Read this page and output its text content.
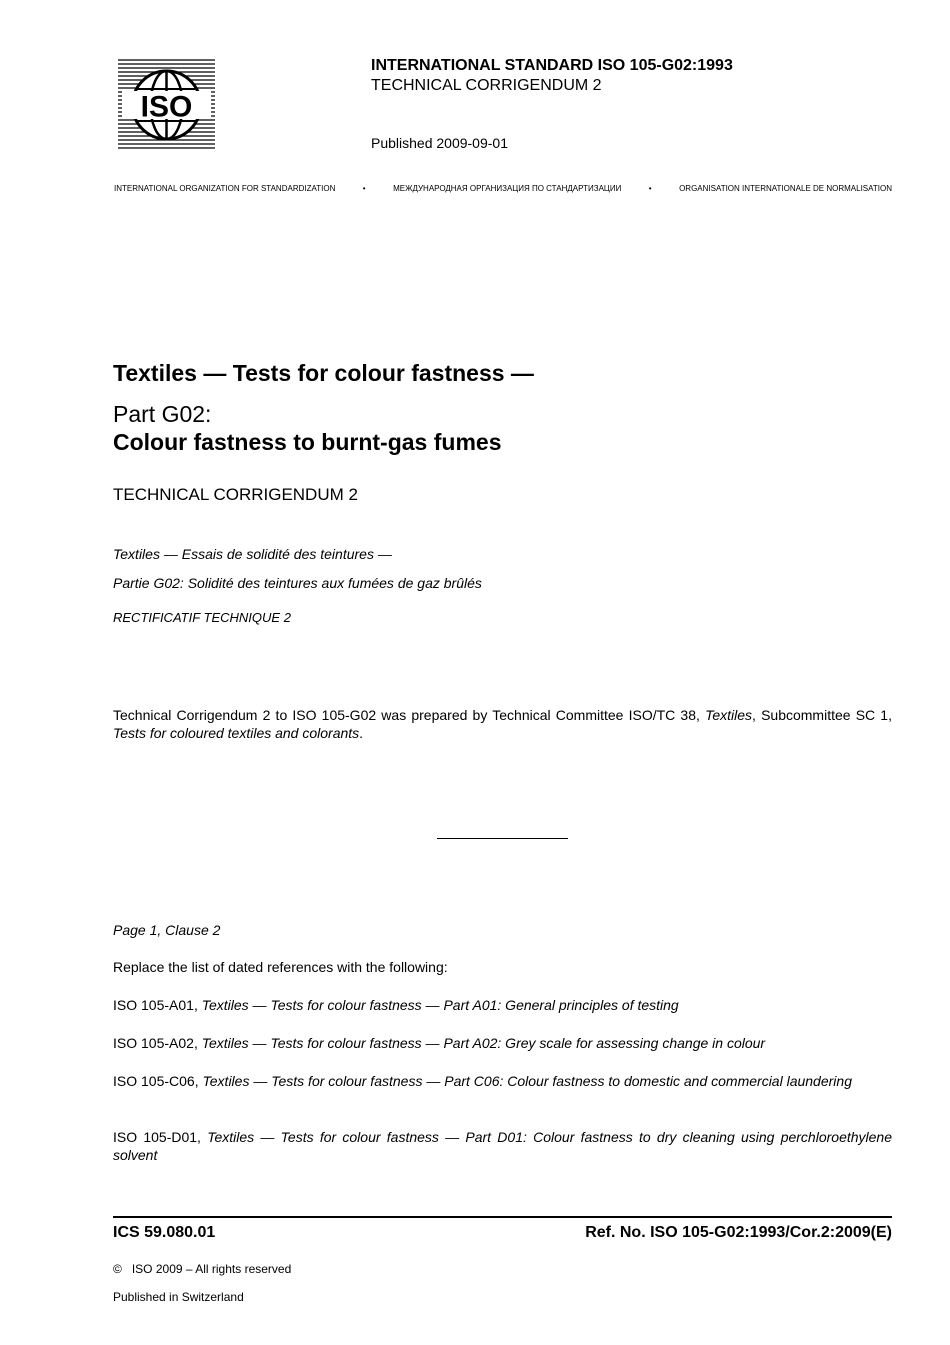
ISO
INTERNATIONAL STANDARD ISO 105-G02:1993
TECHNICAL CORRIGENDUM 2
Published 2009-09-01
INTERNATIONAL ORGANIZATION FOR STANDARDIZATION	•	МЕЖДУНАРОДНАЯ ОРГАНИЗАЦИЯ ПО СТАНДАРТИЗАЦИИ	•	ORGANISATION INTERNATIONALE DE NORMALISATION
Textiles — Tests for colour fastness —
Part G02:
Colour fastness to burnt-gas fumes
TECHNICAL CORRIGENDUM 2
Textiles — Essais de solidité des teintures —
Partie G02: Solidité des teintures aux fumées de gaz brûlés
RECTIFICATIF TECHNIQUE 2
Technical Corrigendum 2 to ISO 105-G02 was prepared by Technical Committee ISO/TC 38, Textiles, Subcommittee SC 1, Tests for coloured textiles and colorants.
Page 1, Clause 2
Replace the list of dated references with the following:
ISO 105-A01, Textiles — Tests for colour fastness — Part A01: General principles of testing
ISO 105-A02, Textiles — Tests for colour fastness — Part A02: Grey scale for assessing change in colour
ISO 105-C06, Textiles — Tests for colour fastness — Part C06: Colour fastness to domestic and commercial laundering
ISO 105-D01, Textiles — Tests for colour fastness — Part D01: Colour fastness to dry cleaning using perchloroethylene solvent
ICS 59.080.01	Ref. No. ISO 105-G02:1993/Cor.2:2009(E)
©   ISO 2009 – All rights reserved
Published in Switzerland
